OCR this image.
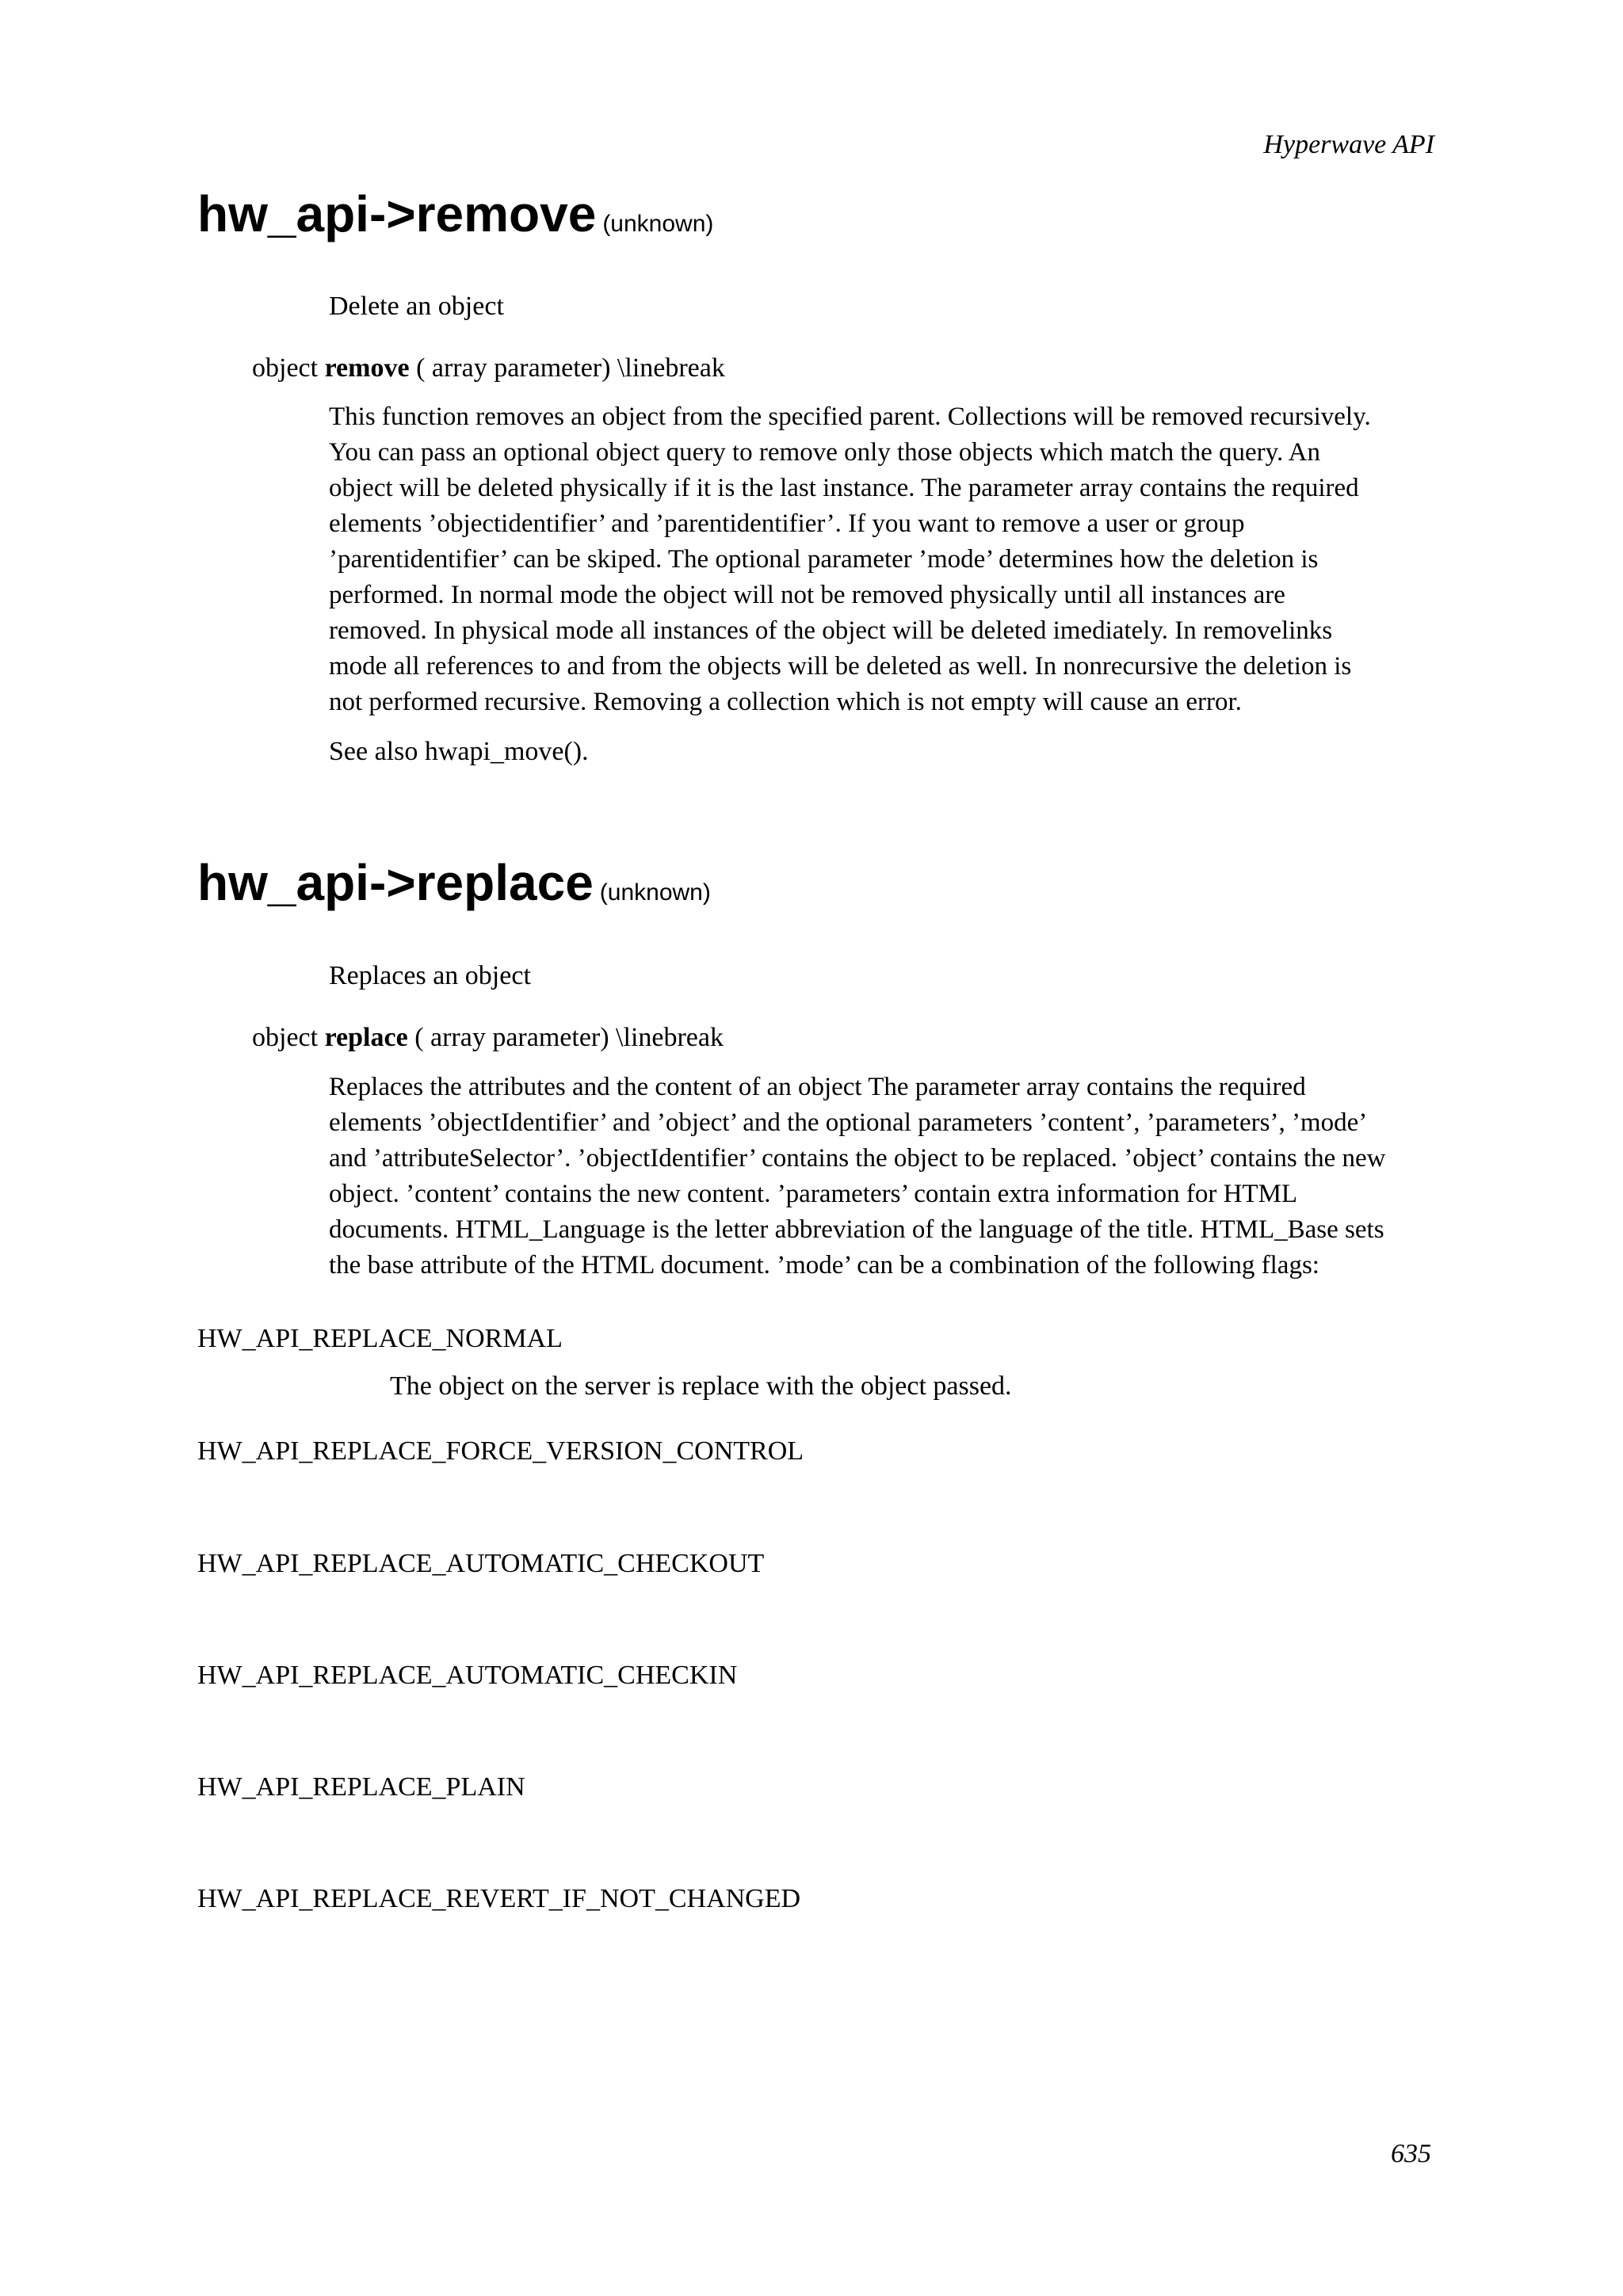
Hyperwave API
hw_api->remove (unknown)
Delete an object
object remove ( array parameter) \linebreak
This function removes an object from the specified parent. Collections will be removed recursively.
You can pass an optional object query to remove only those objects which match the query. An
object will be deleted physically if it is the last instance. The parameter array contains the required
elements ’objectidentifier’ and ’parentidentifier’. If you want to remove a user or group
’parentidentifier’ can be skiped. The optional parameter ’mode’ determines how the deletion is
performed. In normal mode the object will not be removed physically until all instances are
removed. In physical mode all instances of the object will be deleted imediately. In removelinks
mode all references to and from the objects will be deleted as well. In nonrecursive the deletion is
not performed recursive. Removing a collection which is not empty will cause an error.
See also hwapi_move().
hw_api->replace (unknown)
Replaces an object
object replace ( array parameter) \linebreak
Replaces the attributes and the content of an object The parameter array contains the required
elements ’objectIdentifier’ and ’object’ and the optional parameters ’content’, ’parameters’, ’mode’
and ’attributeSelector’. ’objectIdentifier’ contains the object to be replaced. ’object’ contains the new
object. ’content’ contains the new content. ’parameters’ contain extra information for HTML
documents. HTML_Language is the letter abbreviation of the language of the title. HTML_Base sets
the base attribute of the HTML document. ’mode’ can be a combination of the following flags:
HW_API_REPLACE_NORMAL
The object on the server is replace with the object passed.
HW_API_REPLACE_FORCE_VERSION_CONTROL
HW_API_REPLACE_AUTOMATIC_CHECKOUT
HW_API_REPLACE_AUTOMATIC_CHECKIN
HW_API_REPLACE_PLAIN
HW_API_REPLACE_REVERT_IF_NOT_CHANGED
635
